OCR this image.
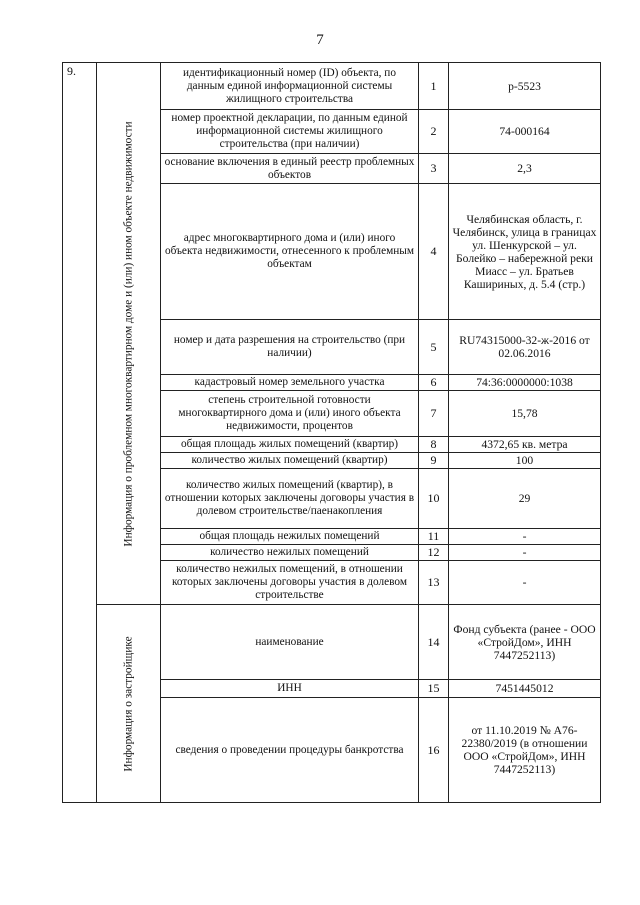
7
9.	Информация о проблемном многоквартирном доме и (или) ином объекте недвижимости	идентификационный номер (ID) объекта, по данным единой информационной системы жилищного строительства	1	р-5523
		номер проектной декларации, по данным единой информационной системы жилищного строительства (при наличии)	2	74-000164
		основание включения в единый реестр проблемных объектов	3	2,3
		адрес многоквартирного дома и (или) иного объекта недвижимости, отнесенного к проблемным объектам	4	Челябинская область, г. Челябинск, улица в границах ул. Шенкурской – ул. Болейко – набережной реки Миасс – ул. Братьев Кашириных, д. 5.4 (стр.)
		номер и дата разрешения на строительство (при наличии)	5	RU74315000-32-ж-2016 от 02.06.2016
		кадастровый номер земельного участка	6	74:36:0000000:1038
		степень строительной готовности многоквартирного дома и (или) иного объекта недвижимости, процентов	7	15,78
		общая площадь жилых помещений (квартир)	8	4372,65 кв. метра
		количество жилых помещений (квартир)	9	100
		количество жилых помещений (квартир), в отношении которых заключены договоры участия в долевом строительстве/паенакопления	10	29
		общая площадь нежилых помещений	11	-
		количество нежилых помещений	12	-
		количество нежилых помещений, в отношении которых заключены договоры участия в долевом строительстве	13	-

	Информация о застройщике	наименование	14	Фонд субъекта (ранее - ООО «СтройДом», ИНН 7447252113)
		ИНН	15	7451445012
		сведения о проведении процедуры банкротства	16	от 11.10.2019 № А76-22380/2019 (в отношении ООО «СтройДом», ИНН 7447252113)
